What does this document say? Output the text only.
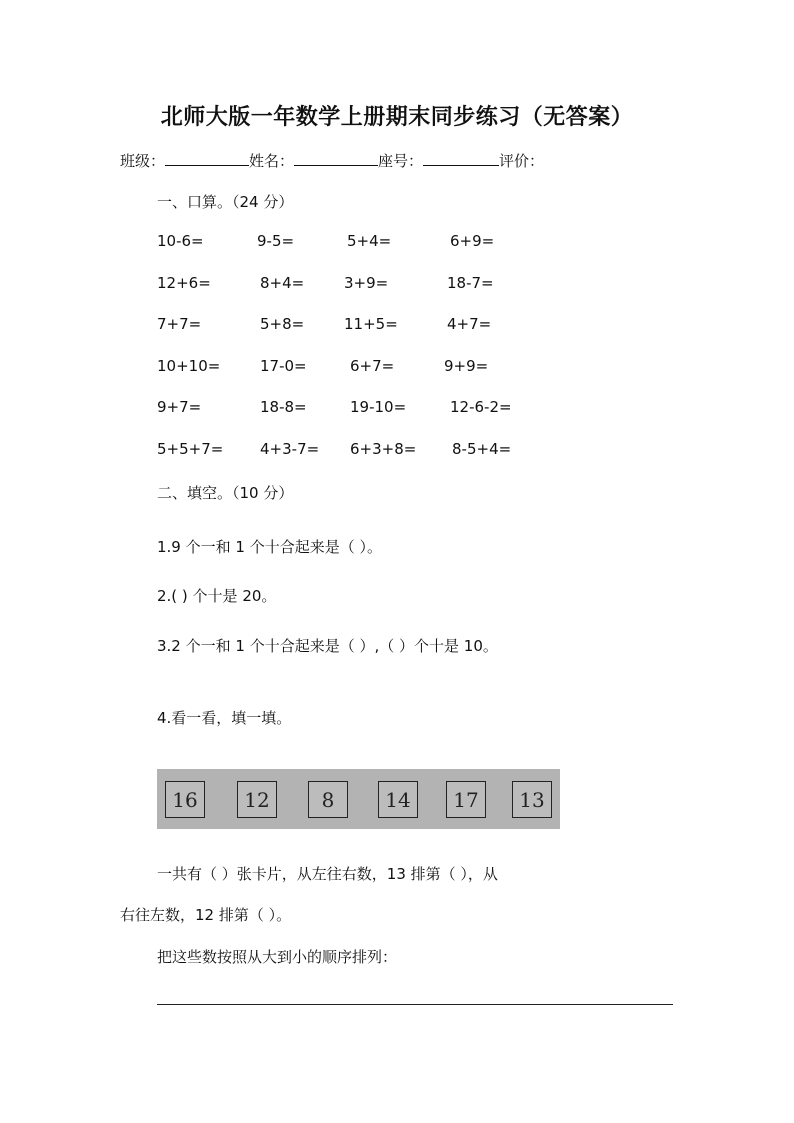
北师大版一年数学上册期末同步练习（无答案）
班级：	姓名：	座号：	评价：
一、口算。（24 分）
10-6=	9-5=	5+4=	6+9=
12+6=	8+4=	3+9=	18-7=
7+7=	5+8=	11+5=	4+7=
10+10=	17-0=	6+7=	9+9=
9+7=	18-8=	19-10=	12-6-2=
5+5+7= 4+3-7= 6+3+8= 8-5+4=
二、填空。（10 分）
1.9 个一和 1 个十合起来是（ ）。
2.( ) 个十是 20。
3.2 个一和 1 个十合起来是（ ）,（ ）个十是 10。
4.看一看，填一填。
16	12	8	14	17	13
一共有（ ）张卡片，从左往右数，13 排第（ ），从
右往左数，12 排第（ ）。
把这些数按照从大到小的顺序排列：
